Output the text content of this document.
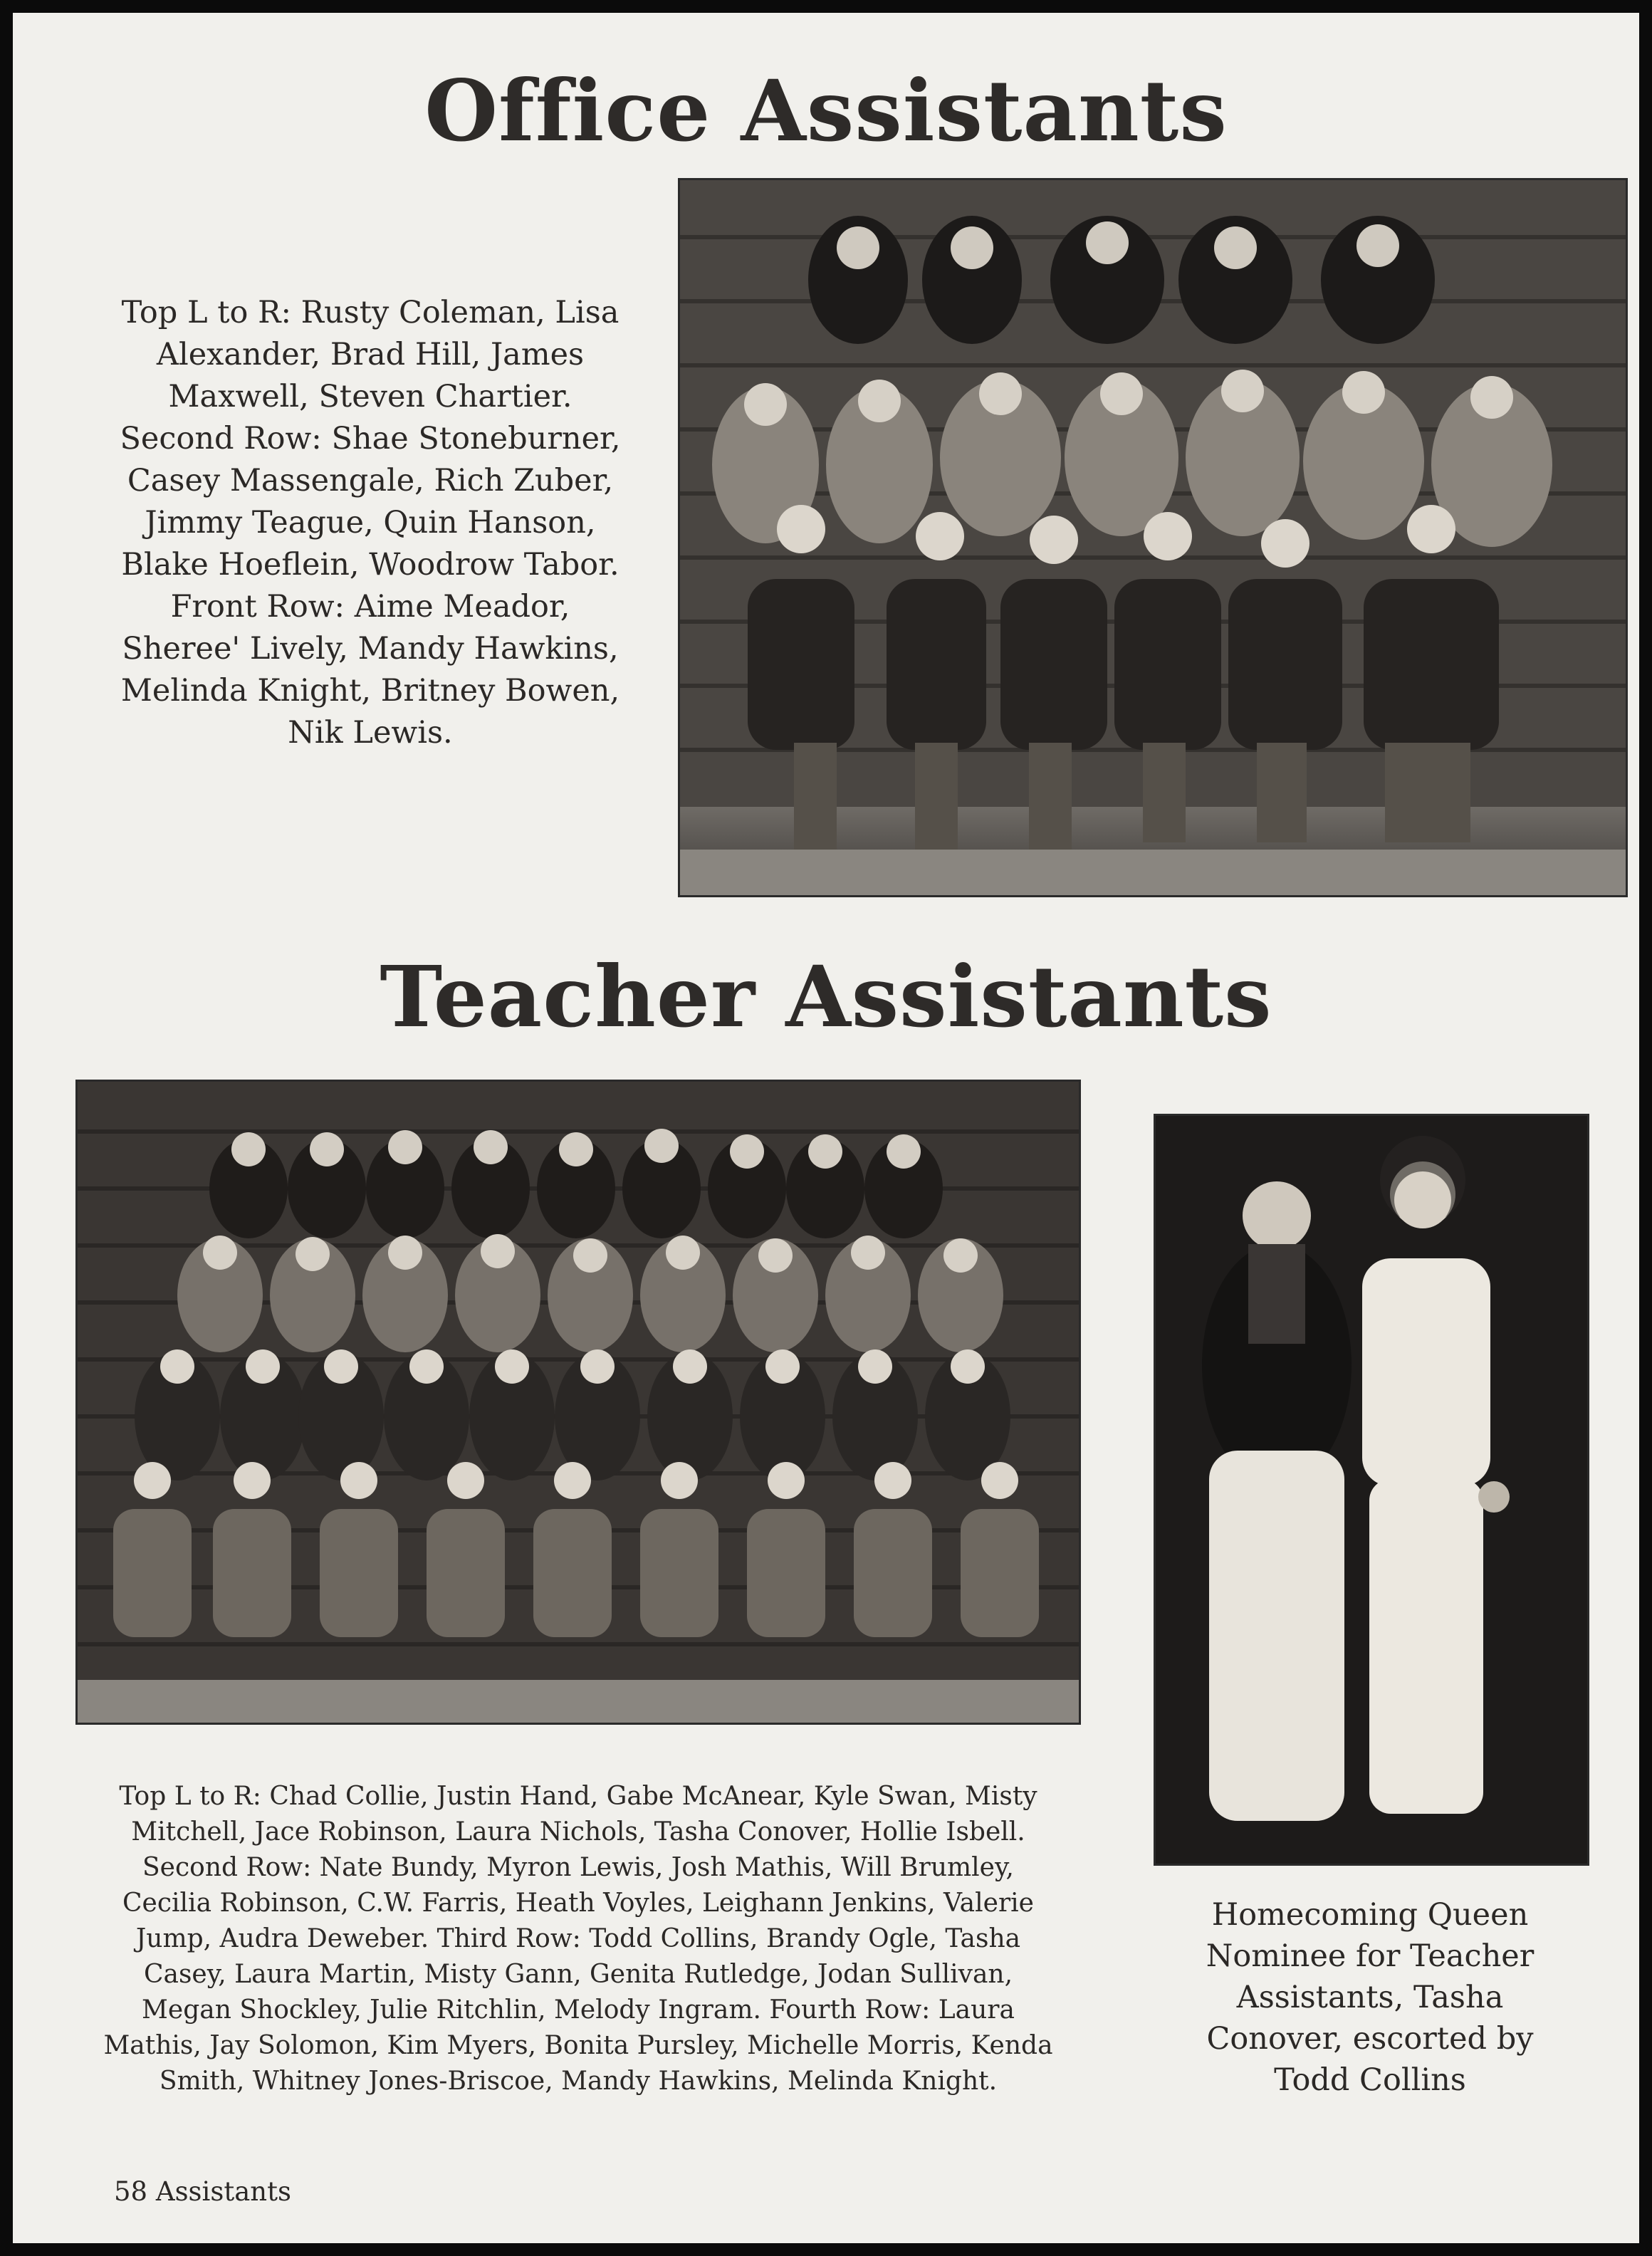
Office Assistants
Top L to R: Rusty Coleman, Lisa
Alexander, Brad Hill, James
Maxwell, Steven Chartier.
Second Row: Shae Stoneburner,
Casey Massengale, Rich Zuber,
Jimmy Teague, Quin Hanson,
Blake Hoeflein, Woodrow Tabor.
Front Row: Aime Meador,
Sheree' Lively, Mandy Hawkins,
Melinda Knight, Britney Bowen,
Nik Lewis.
Teacher Assistants
Top L to R: Chad Collie, Justin Hand, Gabe McAnear, Kyle Swan, Misty
Mitchell, Jace Robinson, Laura Nichols, Tasha Conover, Hollie Isbell.
Second Row: Nate Bundy, Myron Lewis, Josh Mathis, Will Brumley,
Cecilia Robinson, C.W. Farris, Heath Voyles, Leighann Jenkins, Valerie
Jump, Audra Deweber. Third Row: Todd Collins, Brandy Ogle, Tasha
Casey, Laura Martin, Misty Gann, Genita Rutledge, Jodan Sullivan,
Megan Shockley, Julie Ritchlin, Melody Ingram. Fourth Row: Laura
Mathis, Jay Solomon, Kim Myers, Bonita Pursley, Michelle Morris, Kenda
Smith, Whitney Jones-Briscoe, Mandy Hawkins, Melinda Knight.
Homecoming Queen
Nominee for Teacher
Assistants, Tasha
Conover, escorted by
Todd Collins
58 Assistants
